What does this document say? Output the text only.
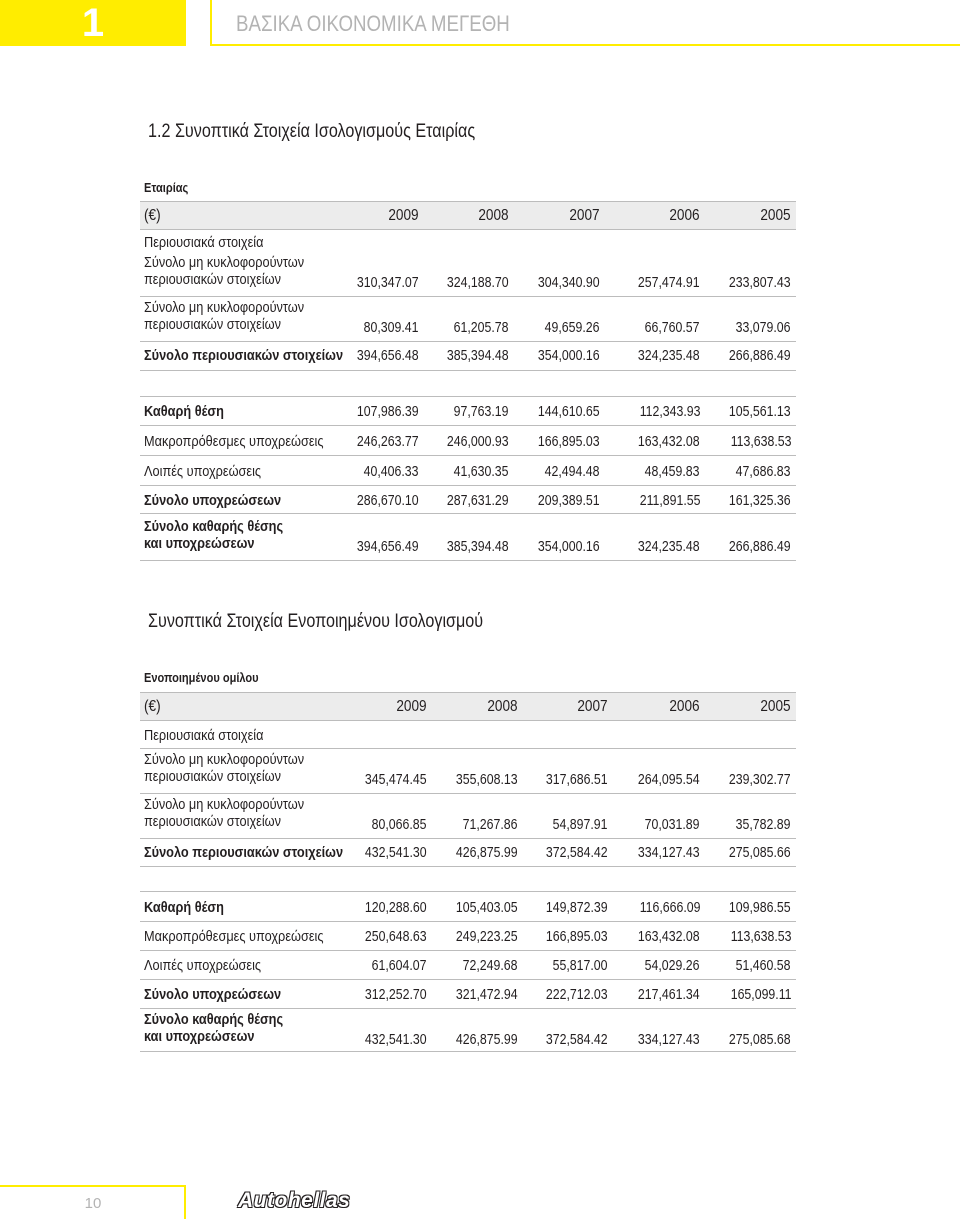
1	ΒΑΣΙΚΑ ΟΙΚΟΝΟΜΙΚΑ ΜΕΓΕΘΗ
1.2 Συνοπτικά Στοιχεία Ισολογισμούς Εταιρίας
Εταιρίας
(€)	2009	2008	2007	2006	2005
Περιουσιακά στοιχεία
Σύνολο μη κυκλοφορούντων
περιουσιακών στοιχείων	310,347.07 324,188.70 304,340.90	257,474.91 233,807.43
Σύνολο μη κυκλοφορούντων
περιουσιακών στοιχείων	80,309.41 61,205.78 49,659.26	66,760.57 33,079.06
Σύνολο περιουσιακών στοιχείων 394,656.48 385,394.48 354,000.16	324,235.48 266,886.49
Καθαρή θέση	107,986.39 97,763.19 144,610.65	112,343.93 105,561.13
Μακροπρόθεσμες υποχρεώσεις 246,263.77 246,000.93 166,895.03	163,432.08 113,638.53
Λοιπές υποχρεώσεις	40,406.33 41,630.35 42,494.48	48,459.83 47,686.83
Σύνολο υποχρεώσεων	286,670.10 287,631.29 209,389.51	211,891.55 161,325.36
Σύνολο καθαρής θέσης
και υποχρεώσεων	394,656.49 385,394.48 354,000.16	324,235.48 266,886.49
Συνοπτικά Στοιχεία Ενοποιημένου Ισολογισμού
Ενοποιημένου ομίλου
(€)	2009	2008	2007	2006	2005
Περιουσιακά στοιχεία
Σύνολο μη κυκλοφορούντων
περιουσιακών στοιχείων	345,474.45 355,608.13 317,686.51 264,095.54 239,302.77
Σύνολο μη κυκλοφορούντων
περιουσιακών στοιχείων	80,066.85 71,267.86 54,897.91	70,031.89 35,782.89
Σύνολο περιουσιακών στοιχείων 432,541.30 426,875.99 372,584.42 334,127.43 275,085.66
Καθαρή θέση	120,288.60 105,403.05 149,872.39 116,666.09 109,986.55
Μακροπρόθεσμες υποχρεώσεις	250,648.63 249,223.25 166,895.03 163,432.08 113,638.53
Λοιπές υποχρεώσεις	61,604.07 72,249.68 55,817.00	54,029.26 51,460.58
Σύνολο υποχρεώσεων	312,252.70 321,472.94 222,712.03 217,461.34 165,099.11
Σύνολο καθαρής θέσης
και υποχρεώσεων	432,541.30 426,875.99 372,584.42 334,127.43 275,085.68
10	Autohellas
